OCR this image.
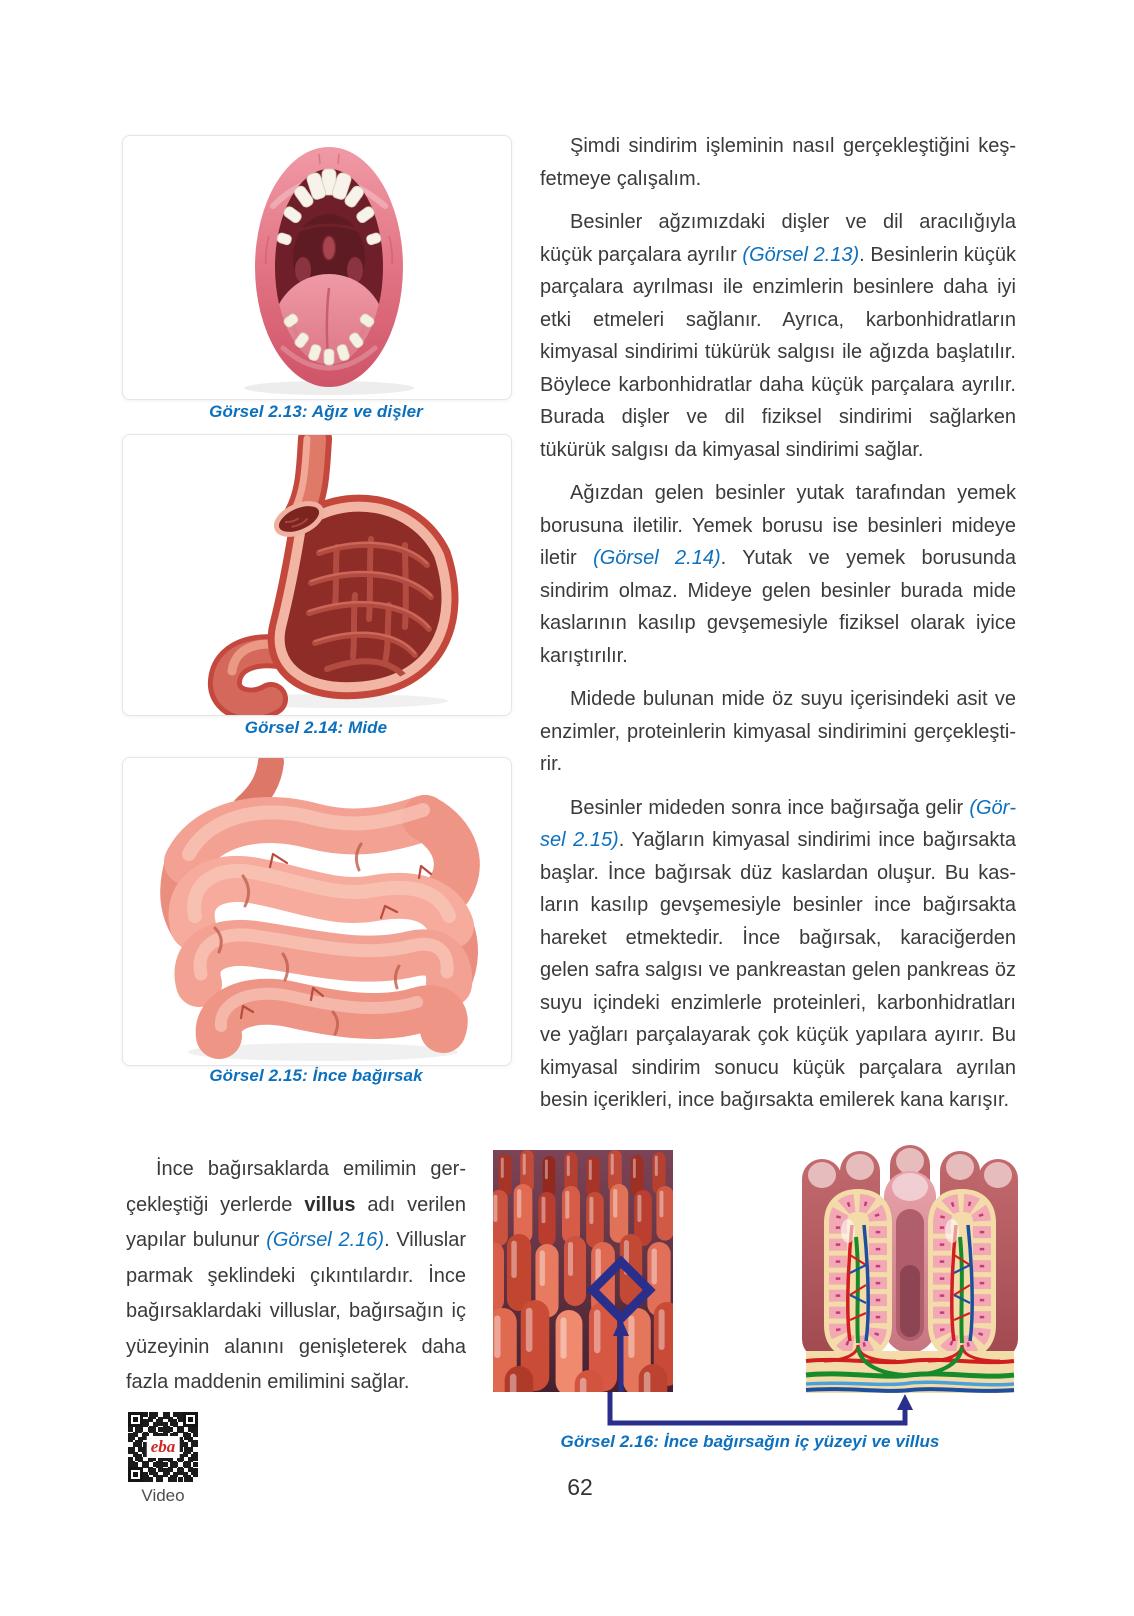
Görsel 2.13: Ağız ve dişler
Görsel 2.14: Mide
Görsel 2.15: İnce bağırsak

Şimdi sindirim işleminin nasıl gerçekleştiğini keşfetmeye çalışalım.

Besinler ağzımızdaki dişler ve dil aracılığıyla küçük parçalara ayrılır (Görsel 2.13). Besinlerin küçük parçalara ayrılması ile enzimlerin besinlere daha iyi etki etmeleri sağlanır. Ayrıca, karbonhidratların kimyasal sindirimi tükürük salgısı ile ağızda başlatılır. Böylece karbonhidratlar daha küçük parçalara ayrılır. Burada dişler ve dil fiziksel sindirimi sağlarken tükürük salgısı da kimyasal sindirimi sağlar.

Ağızdan gelen besinler yutak tarafından yemek borusuna iletilir. Yemek borusu ise besinleri mideye iletir (Görsel 2.14). Yutak ve yemek borusunda sindirim olmaz. Mideye gelen besinler burada mide kaslarının kasılıp gevşemesiyle fiziksel olarak iyice karıştırılır.

Midede bulunan mide öz suyu içerisindeki asit ve enzimler, proteinlerin kimyasal sindirimini gerçekleştirir.

Besinler mideden sonra ince bağırsağa gelir (Görsel 2.15). Yağların kimyasal sindirimi ince bağırsakta başlar. İnce bağırsak düz kaslardan oluşur. Bu kasların kasılıp gevşemesiyle besinler ince bağırsakta hareket etmektedir. İnce bağırsak, karaciğerden gelen safra salgısı ve pankreastan gelen pankreas öz suyu içindeki enzimlerle proteinleri, karbonhidratları ve yağları parçalayarak çok küçük yapılara ayırır. Bu kimyasal sindirim sonucu küçük parçalara ayrılan besin içerikleri, ince bağırsakta emilerek kana karışır.

İnce bağırsaklarda emilimin gerçekleştiği yerlerde villus adı verilen yapılar bulunur (Görsel 2.16). Villuslar parmak şeklindeki çıkıntılardır. İnce bağırsaklardaki villuslar, bağırsağın iç yüzeyinin alanını genişleterek daha fazla maddenin emilimini sağlar.

Görsel 2.16: İnce bağırsağın iç yüzeyi ve villus
eba
Video	62
